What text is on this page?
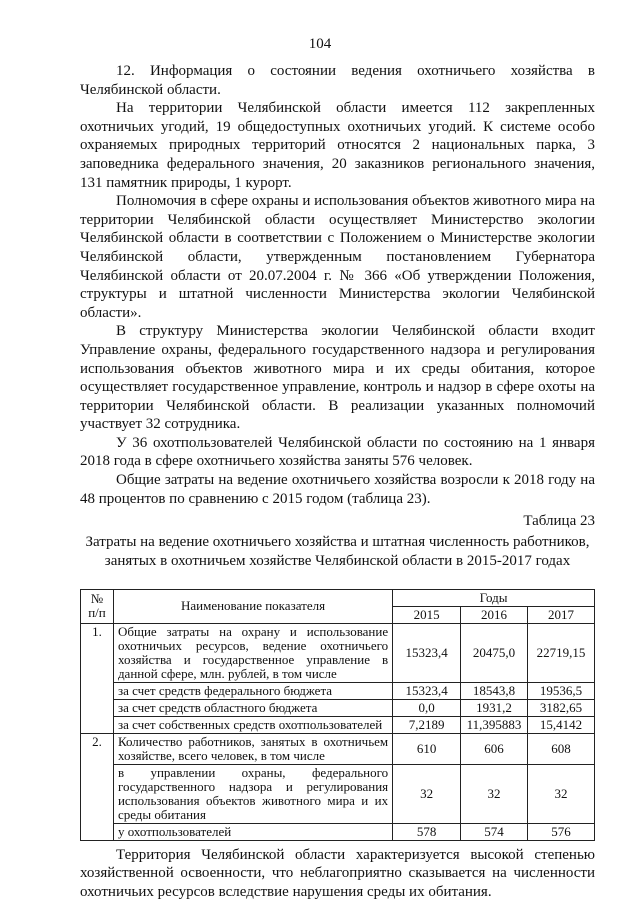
104

12. Информация о состоянии ведения охотничьего хозяйства в Челябинской области.

На территории Челябинской области имеется 112 закрепленных охотничьих угодий, 19 общедоступных охотничьих угодий. К системе особо охраняемых природных территорий относятся 2 национальных парка, 3 заповедника федерального значения, 20 заказников регионального значения, 131 памятник природы, 1 курорт.

Полномочия в сфере охраны и использования объектов животного мира на территории Челябинской области осуществляет Министерство экологии Челябинской области в соответствии с Положением о Министерстве экологии Челябинской области, утвержденным постановлением Губернатора Челябинской области от 20.07.2004 г. № 366 «Об утверждении Положения, структуры и штатной численности Министерства экологии Челябинской области».

В структуру Министерства экологии Челябинской области входит Управление охраны, федерального государственного надзора и регулирования использования объектов животного мира и их среды обитания, которое осуществляет государственное управление, контроль и надзор в сфере охоты на территории Челябинской области. В реализации указанных полномочий участвует 32 сотрудника.

У 36 охотпользователей Челябинской области по состоянию на 1 января 2018 года в сфере охотничьего хозяйства заняты 576 человек.

Общие затраты на ведение охотничьего хозяйства возросли к 2018 году на 48 процентов по сравнению с 2015 годом (таблица 23).

Таблица 23
Затраты на ведение охотничьего хозяйства и штатная численность работников, занятых в охотничьем хозяйстве Челябинской области в 2015-2017 годах
№ п/п	Наименование показателя	Годы		
		2015	2016	2017
1.	Общие затраты на охрану и использование охотничьих ресурсов, ведение охотничьего хозяйства и государственное управление в данной сфере, млн. рублей, в том числе	15323,4	20475,0	22719,15
	за счет средств федерального бюджета	15323,4	18543,8	19536,5
	за счет средств областного бюджета	0,0	1931,2	3182,65
	за счет собственных средств охотпользователей	7,2189	11,395883	15,4142
2.	Количество работников, занятых в охотничьем хозяйстве, всего человек, в том числе	610	606	608
	в управлении охраны, федерального государственного надзора и регулирования использования объектов животного мира и их среды обитания	32	32	32
	у охотпользователей	578	574	576

Территория Челябинской области характеризуется высокой степенью хозяйственной освоенности, что неблагоприятно сказывается на численности охотничьих ресурсов вследствие нарушения среды их обитания.
